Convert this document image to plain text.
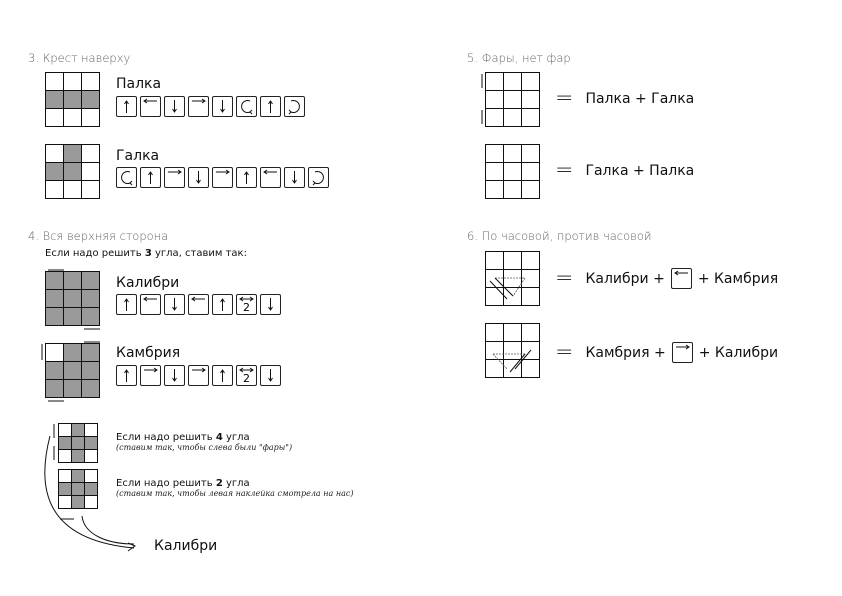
3. Крест наверху
Палка
Галка
4. Вся верхняя сторона
Если надо решить 3 угла, ставим так:
Калибри
2
Камбрия
2
Если надо решить 4 угла
(ставим так, чтобы слева были "фары")
Если надо решить 2 угла
(ставим так, чтобы левая наклейка смотрела на нас)
Калибри
5. Фары, нет фар
= Палка + Галка
= Галка + Палка
6. По часовой, против часовой
= Калибри + + Камбрия
= Камбрия + + Калибри
